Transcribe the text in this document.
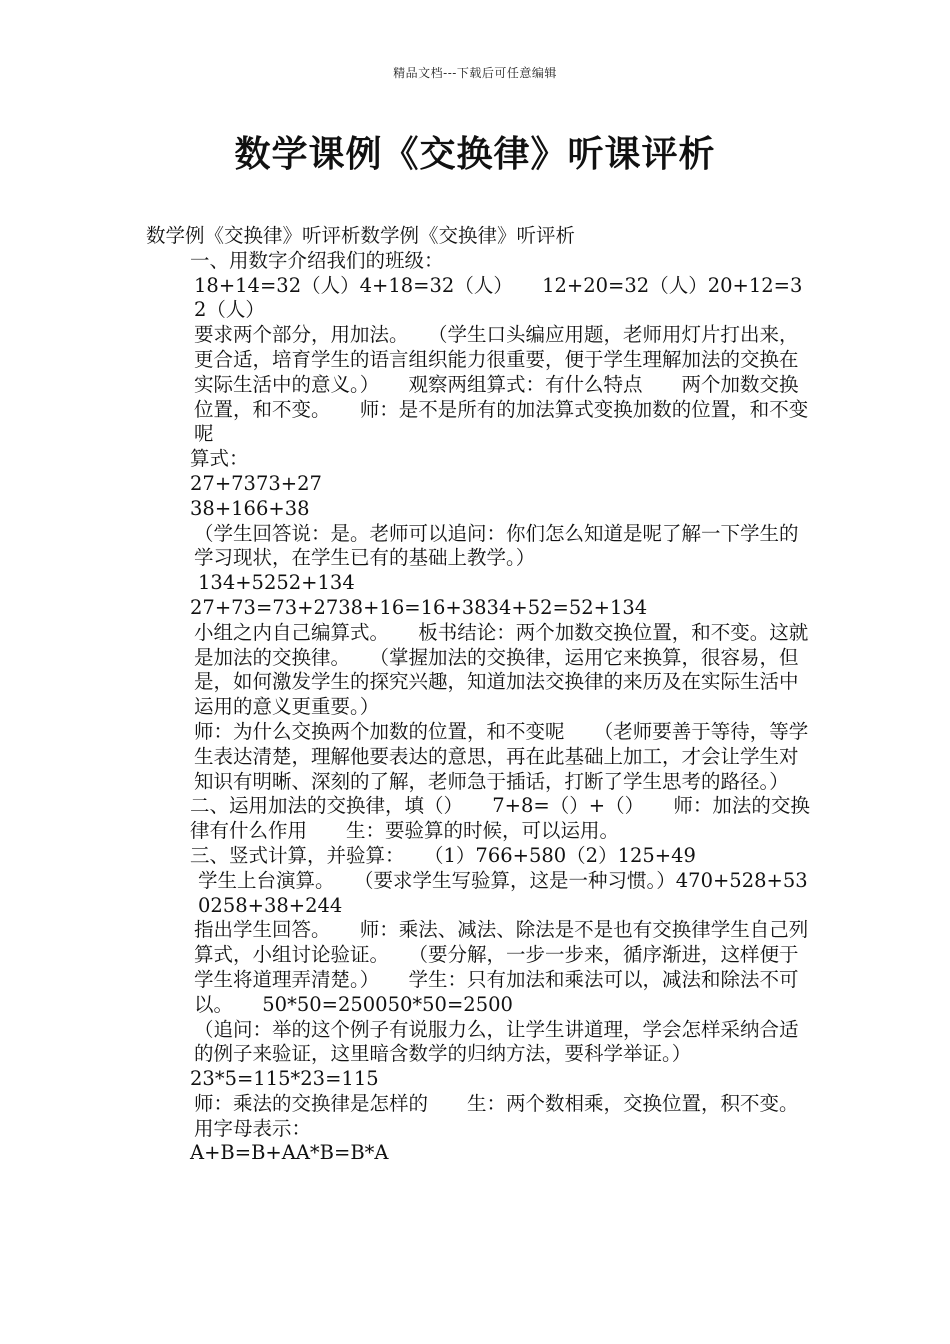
精品文档---下载后可任意编辑
数学课例《交换律》听课评析

数学例《交换律》听评析数学例《交换律》听评析

一、用数字介绍我们的班级：

18+14=32（人）4+18=32（人）　　12+20=32（人）20+12=32（人）

要求两个部分，用加法。　　（学生口头编应用题，老师用灯片打出来，更合适，培育学生的语言组织能力很重要，便于学生理解加法的交换在实际生活中的意义。）　　观察两组算式：有什么特点　　两个加数交换位置，和不变。　　师：是不是所有的加法算式变换加数的位置，和不变呢

算式：

27+7373+27

38+166+38

（学生回答说：是。老师可以追问：你们怎么知道是呢了解一下学生的学习现状，在学生已有的基础上教学。）

134+5252+134

27+73=73+2738+16=16+3834+52=52+134

小组之内自己编算式。　　板书结论：两个加数交换位置，和不变。这就是加法的交换律。　　（掌握加法的交换律，运用它来换算，很容易，但是，如何激发学生的探究兴趣，知道加法交换律的来历及在实际生活中运用的意义更重要。）

师：为什么交换两个加数的位置，和不变呢　　（老师要善于等待，等学生表达清楚，理解他要表达的意思，再在此基础上加工，才会让学生对知识有明晰、深刻的了解，老师急于插话，打断了学生思考的路径。）

二、运用加法的交换律，填（）　　7+8=（）+（）　　师：加法的交换律有什么作用　　生：要验算的时候，可以运用。

三、竖式计算，并验算：　　（1）766+580（2）125+49

学生上台演算。　　（要求学生写验算，这是一种习惯。）470+528+530258+38+244

指出学生回答。　　师：乘法、减法、除法是不是也有交换律学生自己列算式，小组讨论验证。　　（要分解，一步一步来，循序渐进，这样便于学生将道理弄清楚。）　　学生：只有加法和乘法可以，减法和除法不可以。　　50*50=250050*50=2500

（追问：举的这个例子有说服力么，让学生讲道理，学会怎样采纳合适的例子来验证，这里暗含数学的归纳方法，要科学举证。）

23*5=115*23=115

师：乘法的交换律是怎样的　　生：两个数相乘，交换位置，积不变。　　用字母表示：

A+B=B+AA*B=B*A
